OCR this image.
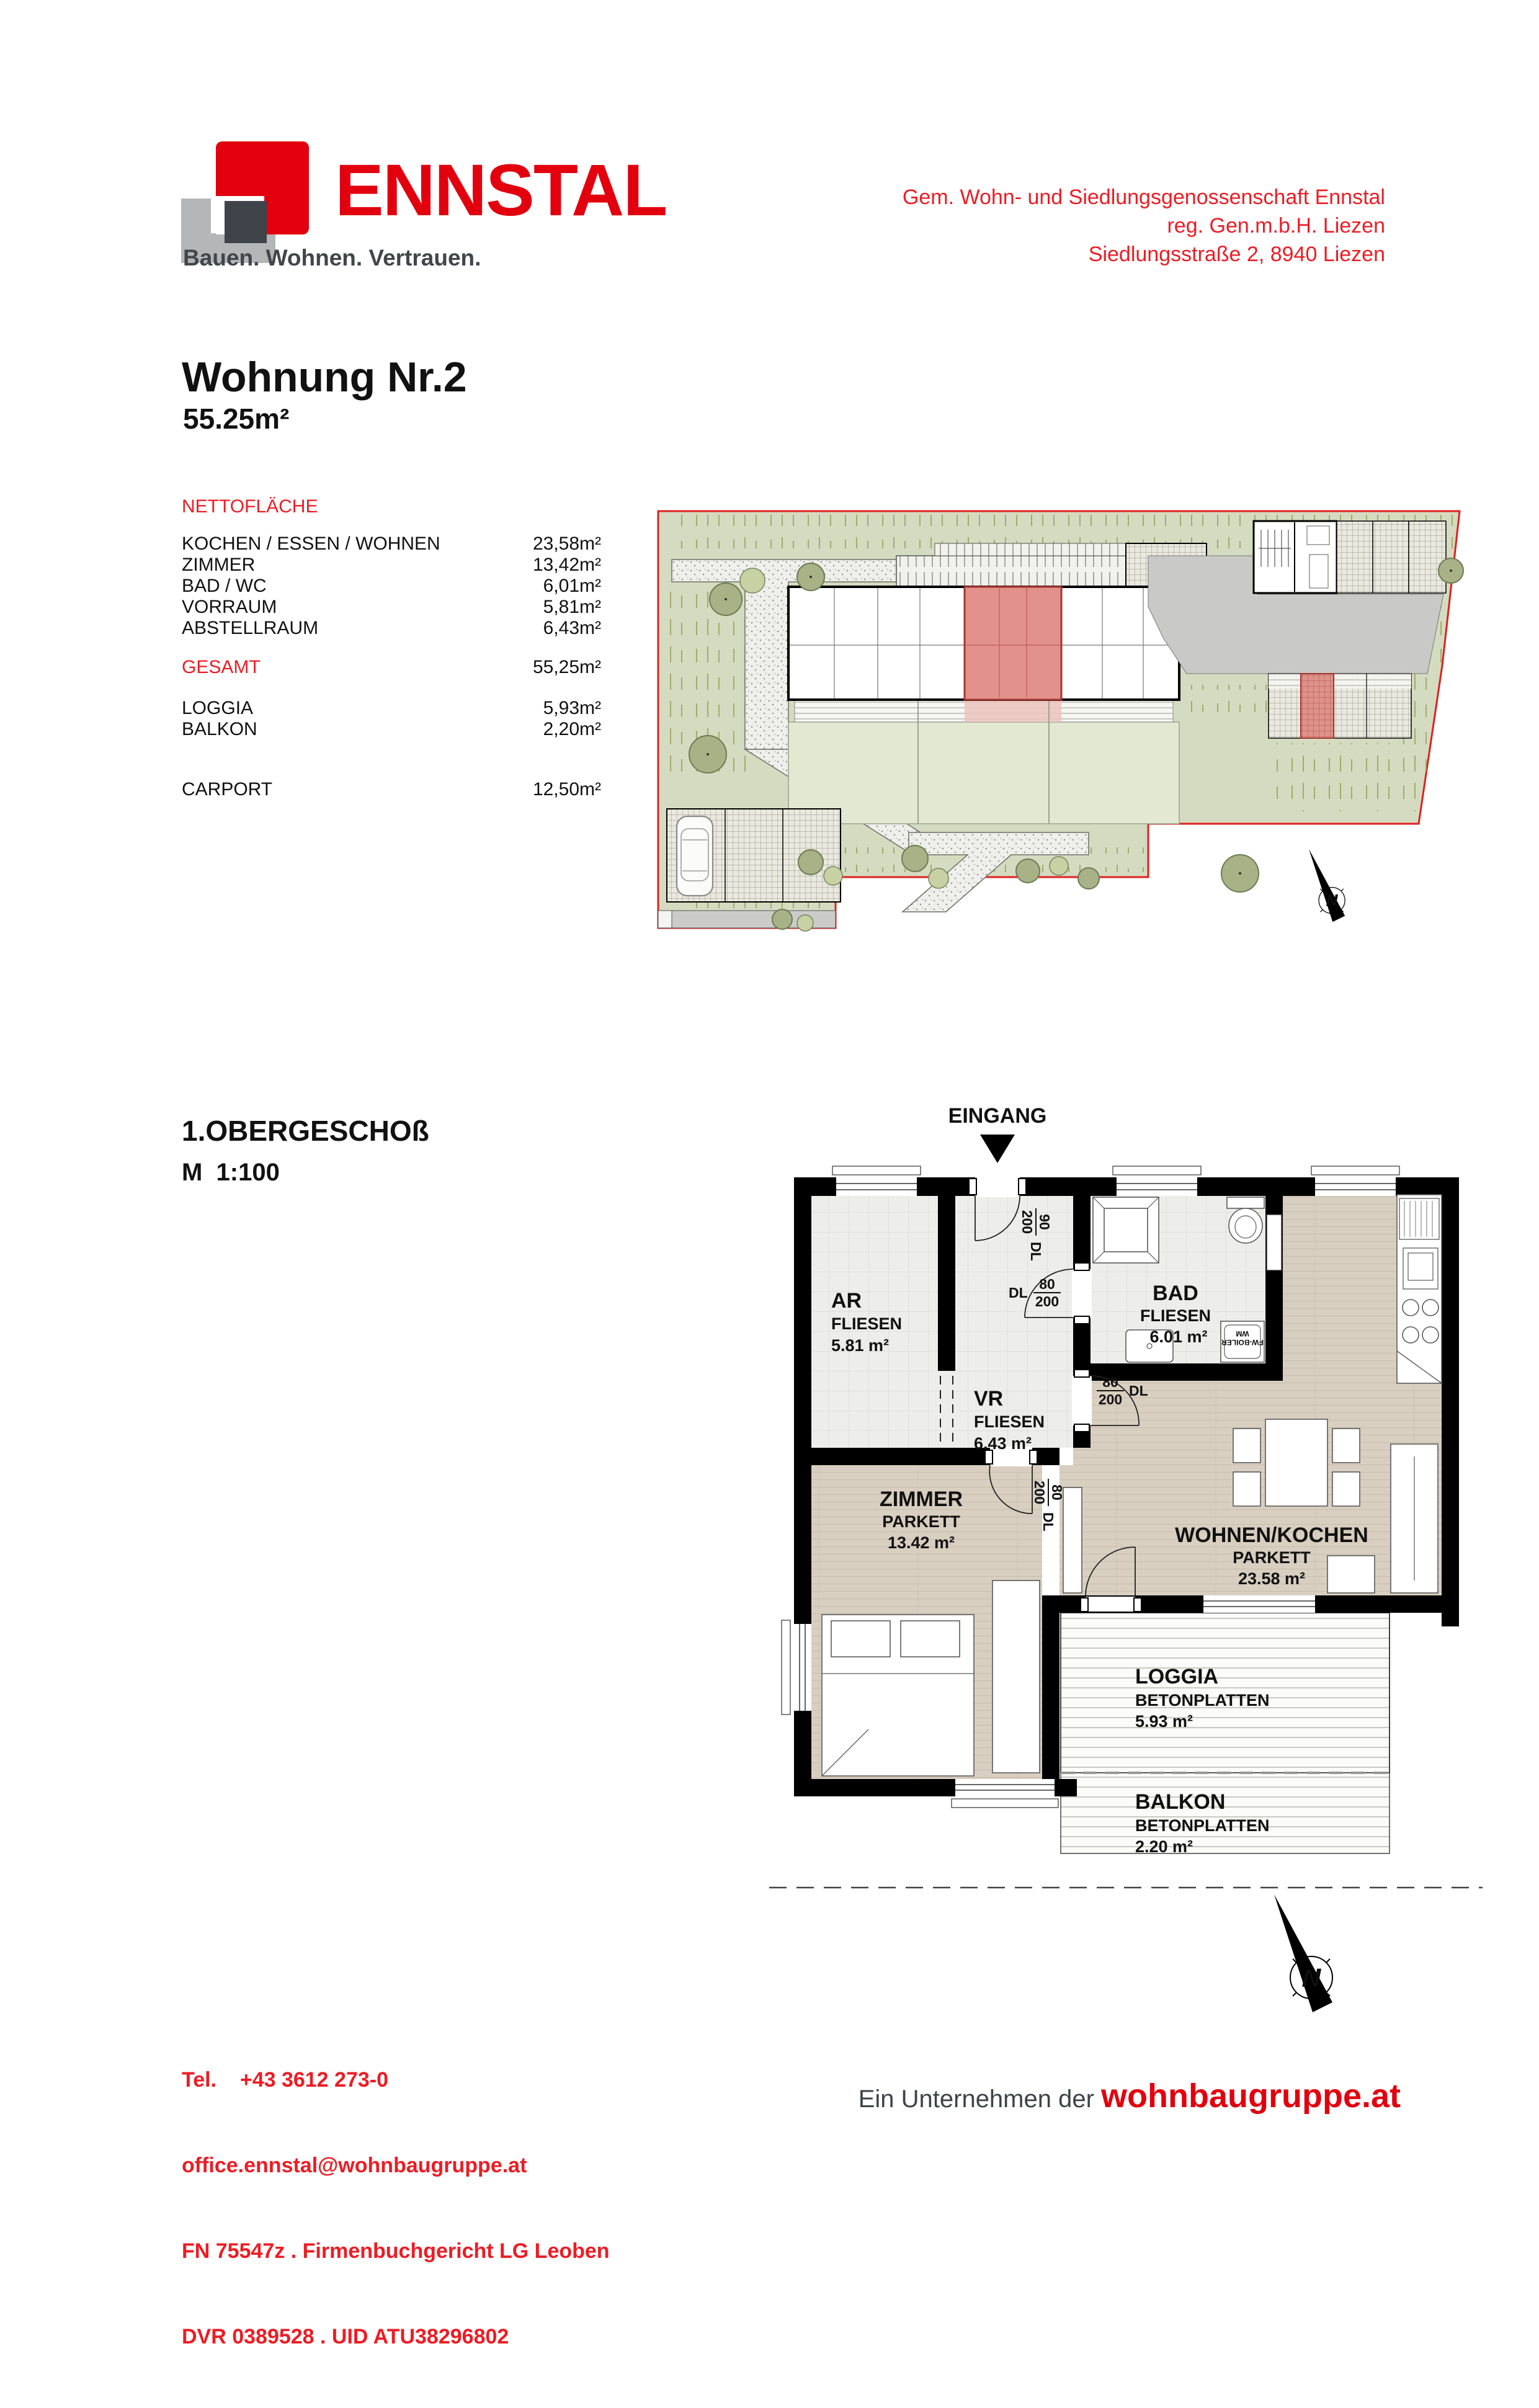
ENNSTAL
Bauen. Wohnen. Vertrauen.
Gem. Wohn- und Siedlungsgenossenschaft Ennstal
reg. Gen.m.b.H. Liezen
Siedlungsstraße 2, 8940 Liezen
Wohnung Nr.2
55.25m²
NETTOFLÄCHE
KOCHEN / ESSEN / WOHNEN	23,58m²
ZIMMER	13,42m²
BAD / WC	6,01m²
VORRAUM	5,81m²
ABSTELLRAUM	6,43m²
GESAMT	55,25m²
LOGGIA	5,93m²
BALKON	2,20m²
CARPORT	12,50m²
N
1.OBERGESCHOß
M  1:100
EINGANG
FW-BOILER
WM
AR
FLIESEN
5.81 m²
VR
FLIESEN
6.43 m²
BAD
FLIESEN
6.01 m²
ZIMMER
PARKETT
13.42 m²	WOHNEN/KOCHEN
PARKETT
23.58 m²
LOGGIA
BETONPLATTEN
5.93 m²
BALKON
BETONPLATTEN
2.20 m²
90
200
DL
DL
80
200
80
200
DL
80
200
DL
N

Tel.    +43 3612 273-0

office.ennstal@wohnbaugruppe.at

FN 75547z . Firmenbuchgericht LG Leoben

DVR 0389528 . UID ATU38296802

Ein Unternehmen der wohnbaugruppe.at
